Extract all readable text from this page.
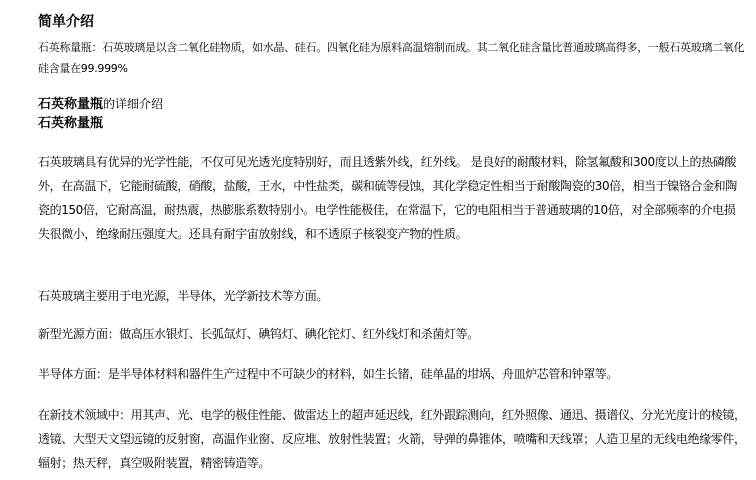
简单介绍
石英称量瓶：石英玻璃是以含二氧化硅物质，如水晶、硅石。四氧化硅为原料高温熔制而成。其二氧化硅含量比普通玻璃高得多，一般石英玻璃二氧化硅含量在99.999%
石英称量瓶的详细介绍
石英称量瓶
石英玻璃具有优异的光学性能，不仅可见光透光度特别好，而且透紫外线，红外线。 是良好的耐酸材料，除氢氟酸和300度以上的热磷酸外，在高温下，它能耐硫酸，硝酸，盐酸，王水，中性盐类，碳和硫等侵蚀，其化学稳定性相当于耐酸陶瓷的30倍，相当于镍铬合金和陶瓷的150倍，它耐高温，耐热震，热膨胀系数特别小。电学性能极佳，在常温下，它的电阻相当于普通玻璃的10倍，对全部频率的介电损失很微小，绝缘耐压强度大。还具有耐宇宙放射线，和不透原子核裂变产物的性质。
石英玻璃主要用于电光源，半导体，光学新技术等方面。
新型光源方面：做高压水银灯、长弧氙灯、碘钨灯、碘化铊灯、红外线灯和杀菌灯等。
半导体方面：是半导体材料和器件生产过程中不可缺少的材料，如生长锗，硅单晶的坩埚、舟皿炉芯管和钟罩等。
在新技术领域中：用其声、光、电学的极佳性能、做雷达上的超声延迟线，红外跟踪测向，红外照像、通迅、摄谱仪、分光光度计的棱镜，透镜、大型天文望远镜的反射窗，高温作业窗、反应堆、放射性装置；火箭，导弹的鼻锥体，喷嘴和天线罩；人造卫星的无线电绝缘零件，辐射；热天秤，真空吸附装置，精密铸造等。
